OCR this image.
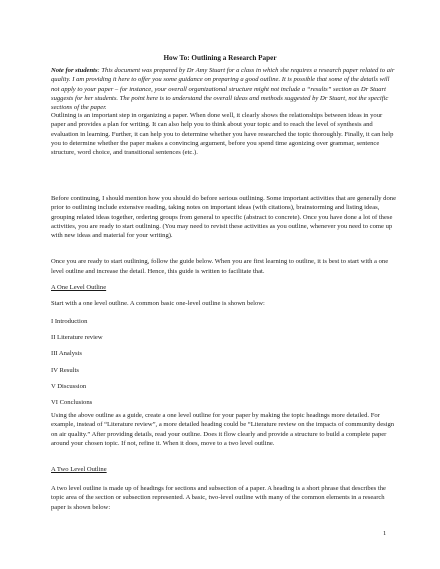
How To: Outlining a Research Paper
Note for students: This document was prepared by Dr Amy Stuart for a class in which she requires a research paper related to air quality. I am providing it here to offer you some guidance on preparing a good outline. It is possible that some of the details will not apply to your paper – for instance, your overall organizational structure might not include a “results” section as Dr Stuart suggests for her students. The point here is to understand the overall ideas and methods suggested by Dr Stuart, not the specific sections of the paper.
Outlining is an important step in organizing a paper. When done well, it clearly shows the relationships between ideas in your paper and provides a plan for writing. It can also help you to think about your topic and to reach the level of synthesis and evaluation in learning. Further, it can help you to determine whether you have researched the topic thoroughly. Finally, it can help you to determine whether the paper makes a convincing argument, before you spend time agonizing over grammar, sentence structure, word choice, and transitional sentences (etc.).
Before continuing, I should mention how you should do before serious outlining. Some important activities that are generally done prior to outlining include extensive reading, taking notes on important ideas (with citations), brainstorming and listing ideas, grouping related ideas together, ordering groups from general to specific (abstract to concrete). Once you have done a lot of these activities, you are ready to start outlining. (You may need to revisit these activities as you outline, whenever you need to come up with new ideas and material for your writing).
Once you are ready to start outlining, follow the guide below. When you are first learning to outline, it is best to start with a one level outline and increase the detail. Hence, this guide is written to facilitate that.
A One Level Outline
Start with a one level outline. A common basic one-level outline is shown below:
I Introduction
II Literature review
III Analysis
IV Results
V Discussion
VI Conclusions
Using the above outline as a guide, create a one level outline for your paper by making the topic headings more detailed. For example, instead of “Literature review”, a more detailed heading could be “Literature review on the impacts of community design on air quality.” After providing details, read your outline. Does it flow clearly and provide a structure to build a complete paper around your chosen topic. If not, refine it. When it does, move to a two level outline.
A Two Level Outline
A two level outline is made up of headings for sections and subsection of a paper. A heading is a short phrase that describes the topic area of the section or subsection represented. A basic, two-level outline with many of the common elements in a research paper is shown below:
1
